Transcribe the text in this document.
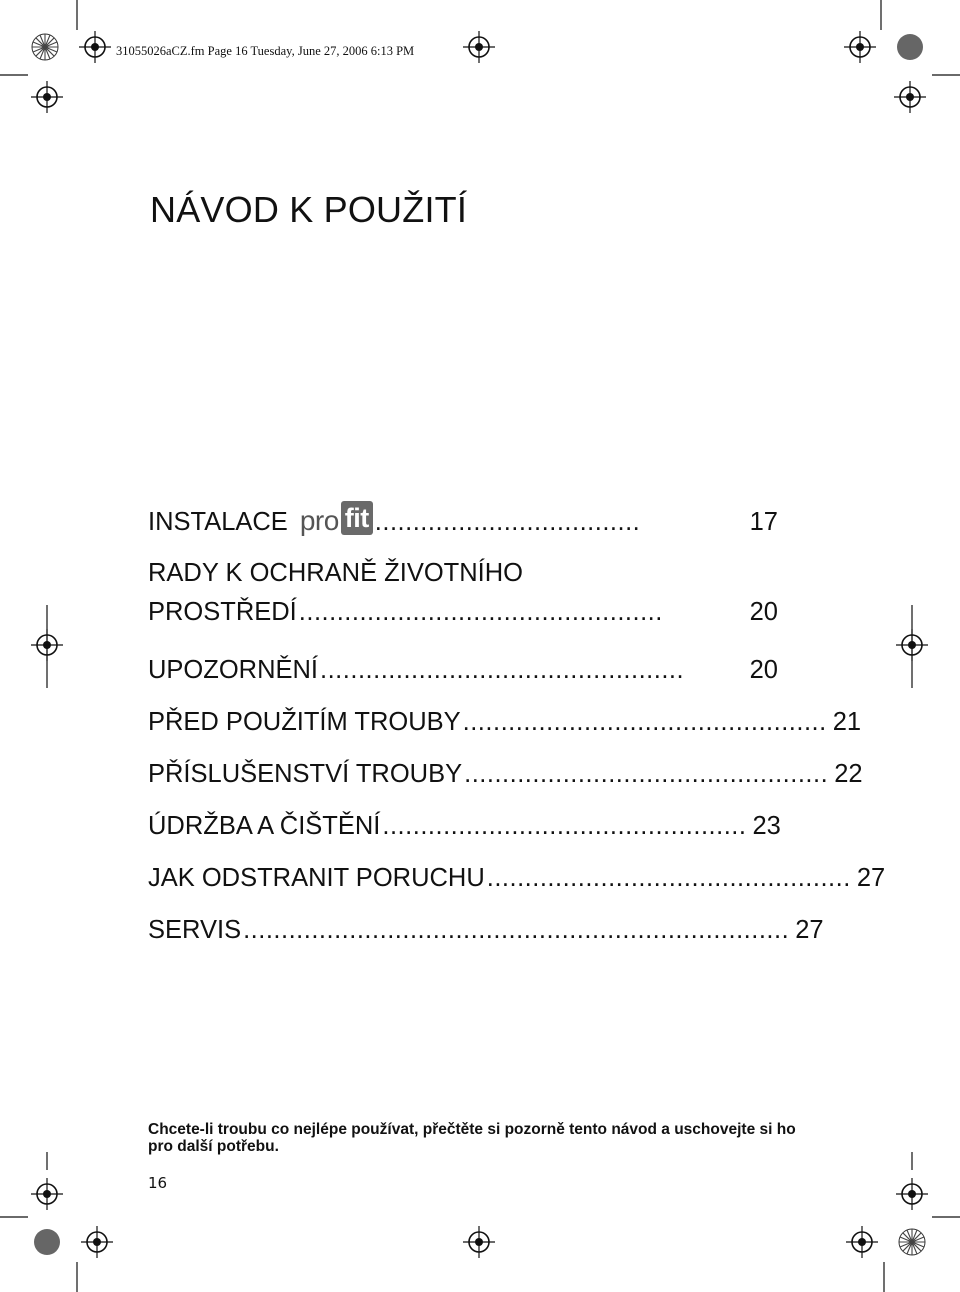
31055026aCZ.fm Page 16 Tuesday, June 27, 2006 6:13 PM
NÁVOD K POUŽITÍ
INSTALACE pro fit ...................................	17
RADY K OCHRANĚ ŽIVOTNÍHO
PROSTŘEDÍ ................................................	20
UPOZORNĚNÍ ................................................	20
PŘED POUŽITÍM TROUBY ................................................ 21
PŘÍSLUŠENSTVÍ TROUBY ................................................ 22
ÚDRŽBA A ČIŠTĚNÍ ................................................ 23
JAK ODSTRANIT PORUCHU ................................................ 27
SERVIS ........................................................................ 27
Chcete-li troubu co nejlépe používat, přečtěte si pozorně tento návod a uschovejte si ho pro další potřebu.
16
